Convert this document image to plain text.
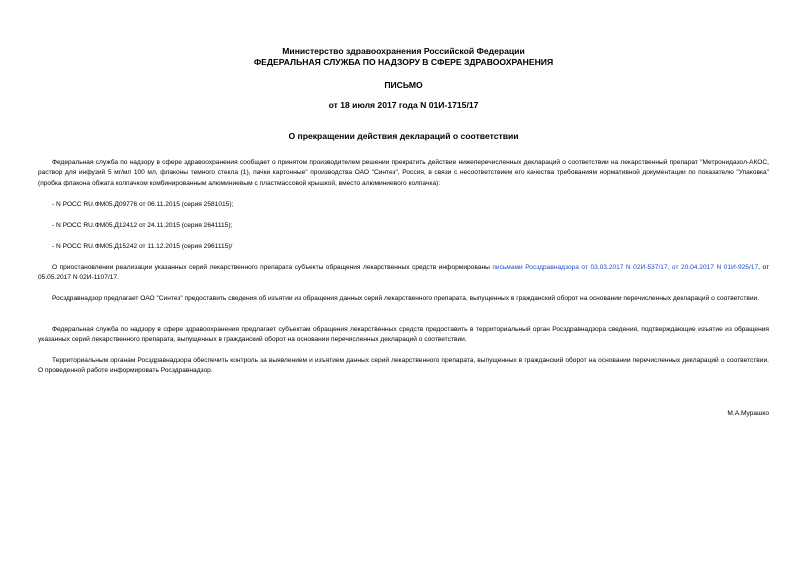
Министерство здравоохранения Российской Федерации
ФЕДЕРАЛЬНАЯ СЛУЖБА ПО НАДЗОРУ В СФЕРЕ ЗДРАВООХРАНЕНИЯ
ПИСЬМО
от 18 июля 2017 года N 01И-1715/17
О прекращении действия деклараций о соответствии
Федеральная служба по надзору в сфере здравоохранения сообщает о принятом производителем решении прекратить действие нижеперечисленных деклараций о соответствии на лекарственный препарат "Метронидазол-АКОС, раствор для инфузий 5 мг/мл 100 мл, флаконы темного стекла (1), пачки картонные" производства ОАО "Синтез", Россия, в связи с несоответствием его качества требованиям нормативной документации по показателю "Упаковка" (пробка флакона обжата колпачком комбинированным алюминиевым с пластмассовой крышкой, вместо алюминиевого колпачка):
- N РОСС RU.ФМ05.Д09776 от 06.11.2015 (серия 2581015);
- N РОСС RU.ФМ05.Д12412 от 24.11.2015 (серия 2641115);
- N РОСС RU.ФМ05.Д15242 от 11.12.2015 (серия 2961115)/
О приостановлении реализации указанных серий лекарственного препарата субъекты обращения лекарственных средств информированы письмами Росздравнадзора от 03.03.2017 N 02И-537/17, от 20.04.2017 N 01И-925/17, от 05.05.2017 N 02И-1107/17.
Росздравнадзор предлагает ОАО "Синтез" предоставить сведения об изъятии из обращения данных серий лекарственного препарата, выпущенных в гражданский оборот на основании перечисленных деклараций о соответствии.
Федеральная служба по надзору в сфере здравоохранения предлагает субъектам обращения лекарственных средств предоставить в территориальный орган Росздравнадзора сведения, подтверждающие изъятие из обращения указанных серий лекарственного препарата, выпущенных в гражданский оборот на основании перечисленных деклараций о соответствии.
Территориальным органам Росздравнадзора обеспечить контроль за выявлением и изъятием данных серий лекарственного препарата, выпущенных в гражданский оборот на основании перечисленных деклараций о соответствии. О проведенной работе информировать Росздравнадзор.
М.А.Мурашко
